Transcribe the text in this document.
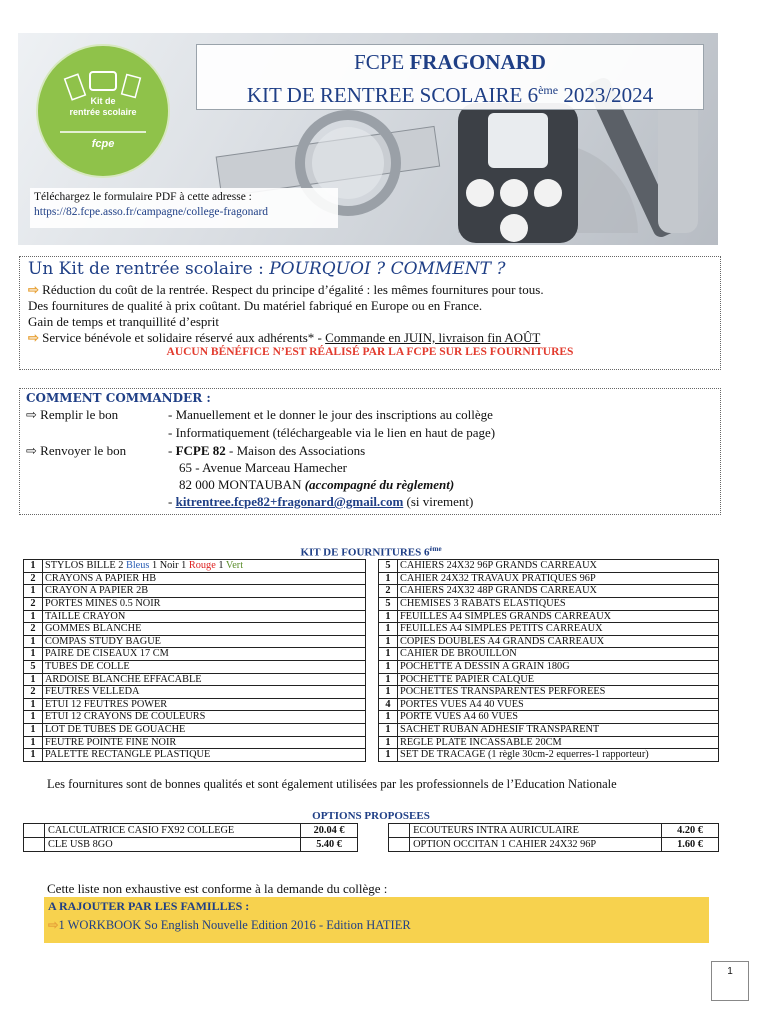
Kit de
rentrée scolaire
fcpe
FCPE FRAGONARD
KIT DE RENTREE SCOLAIRE 6ème 2023/2024
Téléchargez le formulaire PDF à cette adresse :
https://82.fcpe.asso.fr/campagne/college-fragonard
Un Kit de rentrée scolaire : POURQUOI ? COMMENT ?
⇨ Réduction du coût de la rentrée. Respect du principe d’égalité : les mêmes fournitures pour tous.
Des fournitures de qualité à prix coûtant. Du matériel fabriqué en Europe ou en France.
Gain de temps et tranquillité d’esprit
⇨ Service bénévole et solidaire réservé aux adhérents* - Commande en JUIN, livraison fin AOÛT
AUCUN BÉNÉFICE N’EST RÉALISÉ PAR LA FCPE SUR LES FOURNITURES
COMMENT COMMANDER :
⇨ Remplir le bon	- Manuellement et le donner le jour des inscriptions au collège
- Informatiquement (téléchargeable via le lien en haut de page)
⇨ Renvoyer le bon	- FCPE 82 - Maison des Associations
65 - Avenue Marceau Hamecher
82 000 MONTAUBAN (accompagné du règlement)
- kitrentree.fcpe82+fragonard@gmail.com (si virement)
KIT DE FOURNITURES 6ème
1	STYLOS BILLE 2 Bleus 1 Noir 1 Rouge 1 Vert		5	CAHIERS 24X32 96P GRANDS CARREAUX
2	CRAYONS A PAPIER HB		1	CAHIER 24X32 TRAVAUX PRATIQUES 96P
1	CRAYON A PAPIER 2B		2	CAHIERS 24X32 48P GRANDS CARREAUX
2	PORTES MINES 0.5 NOIR		5	CHEMISES 3 RABATS ELASTIQUES
1	TAILLE CRAYON		1	FEUILLES A4 SIMPLES GRANDS CARREAUX
2	GOMMES BLANCHE		1	FEUILLES A4 SIMPLES PETITS CARREAUX
1	COMPAS STUDY BAGUE		1	COPIES DOUBLES A4 GRANDS CARREAUX
1	PAIRE DE CISEAUX 17 CM		1	CAHIER DE BROUILLON
5	TUBES DE COLLE		1	POCHETTE A DESSIN A GRAIN 180G
1	ARDOISE BLANCHE EFFACABLE		1	POCHETTE PAPIER CALQUE
2	FEUTRES VELLEDA		1	POCHETTES TRANSPARENTES PERFOREES
1	ETUI 12 FEUTRES POWER		4	PORTES VUES A4 40 VUES
1	ETUI 12 CRAYONS DE COULEURS		1	PORTE VUES A4 60 VUES
1	LOT DE TUBES DE GOUACHE		1	SACHET RUBAN ADHESIF TRANSPARENT
1	FEUTRE POINTE FINE NOIR		1	REGLE PLATE INCASSABLE 20CM
1	PALETTE RECTANGLE PLASTIQUE		1	SET DE TRACAGE (1 règle 30cm-2 equerres-1 rapporteur)
Les fournitures sont de bonnes qualités et sont également utilisées par les professionnels de l’Education Nationale
OPTIONS PROPOSEES						
	CALCULATRICE CASIO FX92 COLLEGE	20.04 €			ECOUTEURS INTRA AURICULAIRE	4.20 €
	CLE USB 8GO	5.40 €			OPTION OCCITAN 1 CAHIER 24X32 96P	1.60 €
Cette liste non exhaustive est conforme à la demande du collège :
A RAJOUTER PAR LES FAMILLES :
⇨1 WORKBOOK So English Nouvelle Edition 2016 - Edition HATIER
1
